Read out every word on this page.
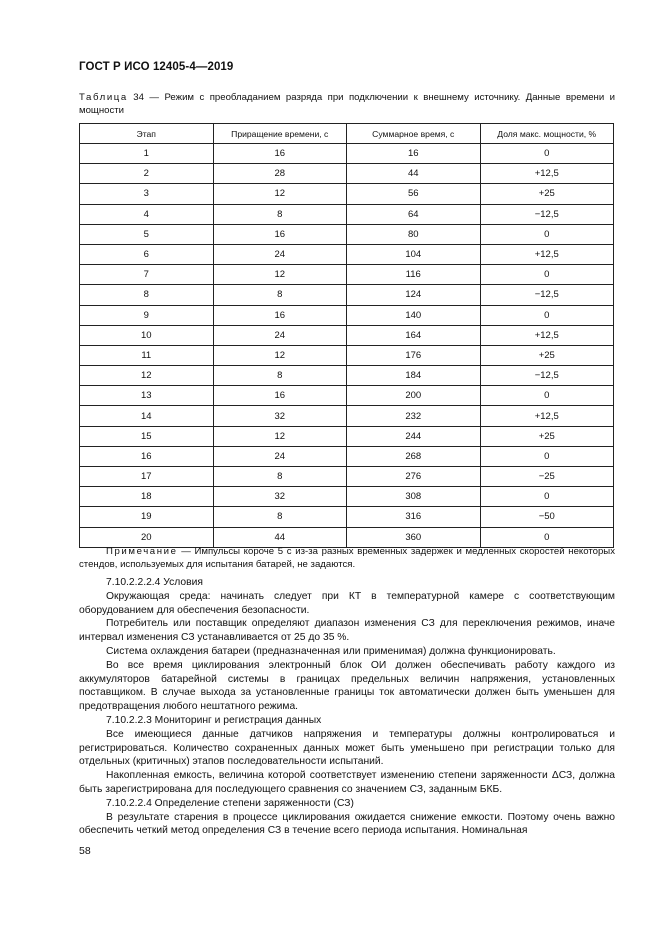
ГОСТ Р ИСО 12405-4—2019
Таблица 34 — Режим с преобладанием разряда при подключении к внешнему источнику. Данные времени и мощности
Этап	Приращение времени, с	Суммарное время, с	Доля макс. мощности, %
1	16	16	0
2	28	44	+12,5
3	12	56	+25
4	8	64	−12,5
5	16	80	0
6	24	104	+12,5
7	12	116	0
8	8	124	−12,5
9	16	140	0
10	24	164	+12,5
11	12	176	+25
12	8	184	−12,5
13	16	200	0
14	32	232	+12,5
15	12	244	+25
16	24	268	0
17	8	276	−25
18	32	308	0
19	8	316	−50
20	44	360	0
Примечание — Импульсы короче 5 с из-за разных временных задержек и медленных скоростей некоторых стендов, используемых для испытания батарей, не задаются.

7.10.2.2.2.4 Условия

Окружающая среда: начинать следует при КТ в температурной камере с соответствующим оборудованием для обеспечения безопасности.

Потребитель или поставщик определяют диапазон изменения СЗ для переключения режимов, иначе интервал изменения СЗ устанавливается от 25 до 35 %.

Система охлаждения батареи (предназначенная или применимая) должна функционировать.

Во все время циклирования электронный блок ОИ должен обеспечивать работу каждого из аккумуляторов батарейной системы в границах предельных величин напряжения, установленных поставщиком. В случае выхода за установленные границы ток автоматически должен быть уменьшен для предотвращения любого нештатного режима.

7.10.2.2.3 Мониторинг и регистрация данных

Все имеющиеся данные датчиков напряжения и температуры должны контролироваться и регистрироваться. Количество сохраненных данных может быть уменьшено при регистрации только для отдельных (критичных) этапов последовательности испытаний.

Накопленная емкость, величина которой соответствует изменению степени заряженности ΔСЗ, должна быть зарегистрирована для последующего сравнения со значением СЗ, заданным БКБ.

7.10.2.2.4 Определение степени заряженности (СЗ)

В результате старения в процессе циклирования ожидается снижение емкости. Поэтому очень важно обеспечить четкий метод определения СЗ в течение всего периода испытания. Номинальная

58
